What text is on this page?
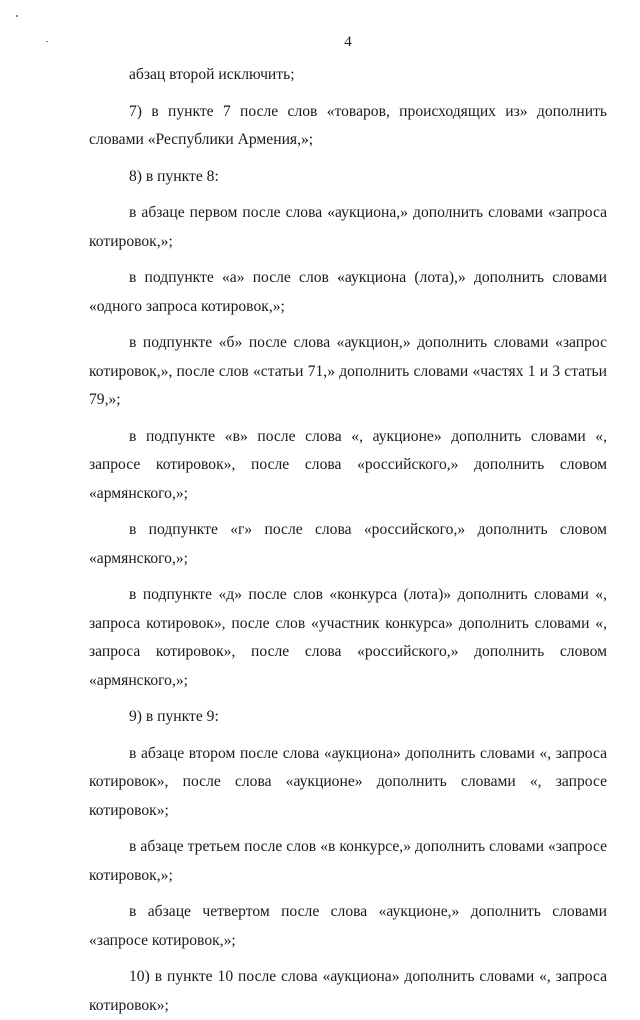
4

абзац второй исключить;

7) в пункте 7 после слов «товаров, происходящих из» дополнить словами «Республики Армения,»;

8) в пункте 8:

в абзаце первом после слова «аукциона,» дополнить словами «запроса котировок,»;

в подпункте «а» после слов «аукциона (лота),» дополнить словами «одного запроса котировок,»;

в подпункте «б» после слова «аукцион,» дополнить словами «запрос котировок,», после слов «статьи 71,» дополнить словами «частях 1 и 3 статьи 79,»;

в подпункте «в» после слова «, аукционе» дополнить словами «, запросе котировок», после слова «российского,» дополнить словом «армянского,»;

в подпункте «г» после слова «российского,» дополнить словом «армянского,»;

в подпункте «д» после слов «конкурса (лота)» дополнить словами «, запроса котировок», после слов «участник конкурса» дополнить словами «, запроса котировок», после слова «российского,» дополнить словом «армянского,»;

9) в пункте 9:

в абзаце втором после слова «аукциона» дополнить словами «, запроса котировок», после слова «аукционе» дополнить словами «, запросе котировок»;

в абзаце третьем после слов «в конкурсе,» дополнить словами «запросе котировок,»;

в абзаце четвертом после слова «аукционе,» дополнить словами «запросе котировок,»;

10) в пункте 10 после слова «аукциона» дополнить словами «, запроса котировок»;
